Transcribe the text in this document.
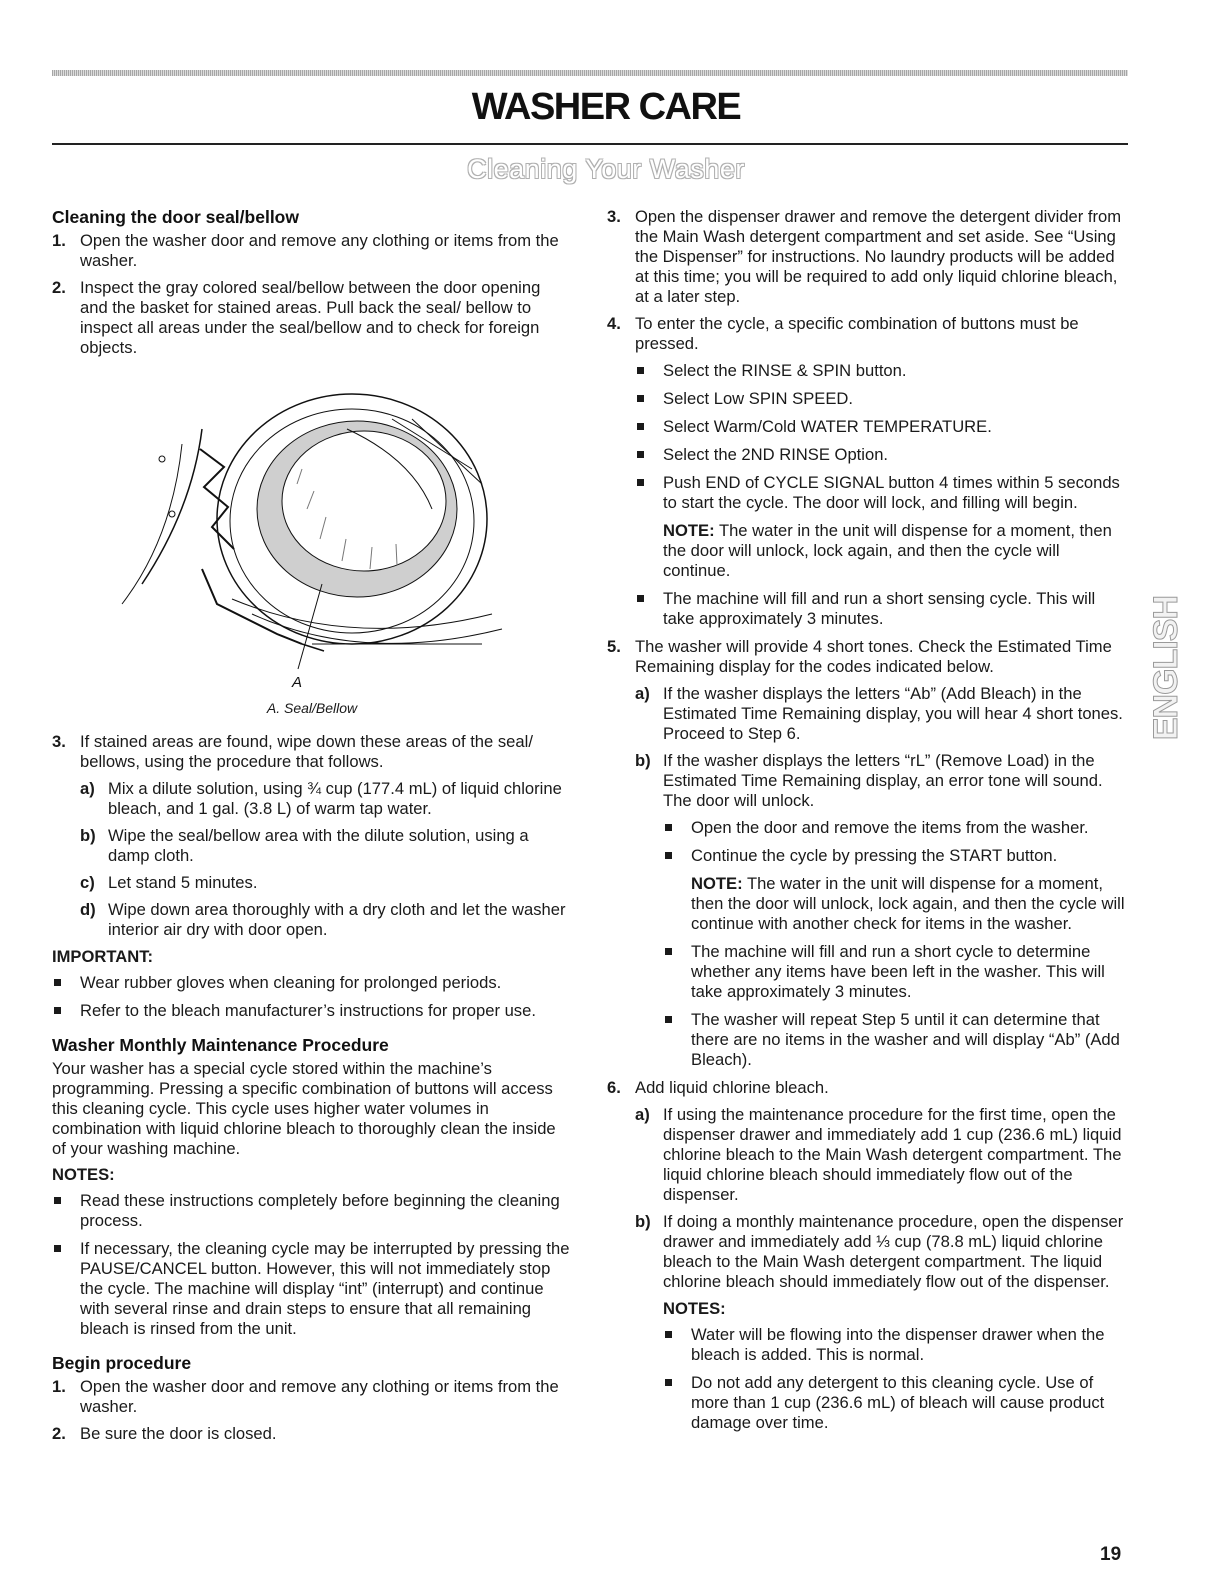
WASHER CARE
Cleaning Your Washer
Cleaning the door seal/bellow
1. Open the washer door and remove any clothing or items from the washer.
2. Inspect the gray colored seal/bellow between the door opening and the basket for stained areas. Pull back the seal/ bellow to inspect all areas under the seal/bellow and to check for foreign objects.
A
A. Seal/Bellow
3. If stained areas are found, wipe down these areas of the seal/ bellows, using the procedure that follows.
a) Mix a dilute solution, using ¾ cup (177.4 mL) of liquid chlorine bleach, and 1 gal. (3.8 L) of warm tap water.
b) Wipe the seal/bellow area with the dilute solution, using a damp cloth.
c) Let stand 5 minutes.
d) Wipe down area thoroughly with a dry cloth and let the washer interior air dry with door open.
IMPORTANT:
Wear rubber gloves when cleaning for prolonged periods.
Refer to the bleach manufacturer’s instructions for proper use.
Washer Monthly Maintenance Procedure
Your washer has a special cycle stored within the machine’s programming. Pressing a specific combination of buttons will access this cleaning cycle. This cycle uses higher water volumes in combination with liquid chlorine bleach to thoroughly clean the inside of your washing machine.
NOTES:
Read these instructions completely before beginning the cleaning process.
If necessary, the cleaning cycle may be interrupted by pressing the PAUSE/CANCEL button. However, this will not immediately stop the cycle. The machine will display “int” (interrupt) and continue with several rinse and drain steps to ensure that all remaining bleach is rinsed from the unit.
Begin procedure
1. Open the washer door and remove any clothing or items from the washer.
2. Be sure the door is closed.
3. Open the dispenser drawer and remove the detergent divider from the Main Wash detergent compartment and set aside. See “Using the Dispenser” for instructions. No laundry products will be added at this time; you will be required to add only liquid chlorine bleach, at a later step.
4. To enter the cycle, a specific combination of buttons must be pressed.
Select the RINSE & SPIN button.
Select Low SPIN SPEED.
Select Warm/Cold WATER TEMPERATURE.
Select the 2ND RINSE Option.
Push END of CYCLE SIGNAL button 4 times within 5 seconds to start the cycle. The door will lock, and filling will begin.
NOTE: The water in the unit will dispense for a moment, then the door will unlock, lock again, and then the cycle will continue.
The machine will fill and run a short sensing cycle. This will take approximately 3 minutes.
5. The washer will provide 4 short tones. Check the Estimated Time Remaining display for the codes indicated below.
a) If the washer displays the letters “Ab” (Add Bleach) in the Estimated Time Remaining display, you will hear 4 short tones. Proceed to Step 6.
b) If the washer displays the letters “rL” (Remove Load) in the Estimated Time Remaining display, an error tone will sound. The door will unlock.
Open the door and remove the items from the washer.
Continue the cycle by pressing the START button.
NOTE: The water in the unit will dispense for a moment, then the door will unlock, lock again, and then the cycle will continue with another check for items in the washer.
The machine will fill and run a short cycle to determine whether any items have been left in the washer. This will take approximately 3 minutes.
The washer will repeat Step 5 until it can determine that there are no items in the washer and will display “Ab” (Add Bleach).
6. Add liquid chlorine bleach.
a) If using the maintenance procedure for the first time, open the dispenser drawer and immediately add 1 cup (236.6 mL) liquid chlorine bleach to the Main Wash detergent compartment. The liquid chlorine bleach should immediately flow out of the dispenser.
b) If doing a monthly maintenance procedure, open the dispenser drawer and immediately add ⅓ cup (78.8 mL) liquid chlorine bleach to the Main Wash detergent compartment. The liquid chlorine bleach should immediately flow out of the dispenser.
NOTES:
Water will be flowing into the dispenser drawer when the bleach is added. This is normal.
Do not add any detergent to this cleaning cycle. Use of more than 1 cup (236.6 mL) of bleach will cause product damage over time.
ENGLISH
19
